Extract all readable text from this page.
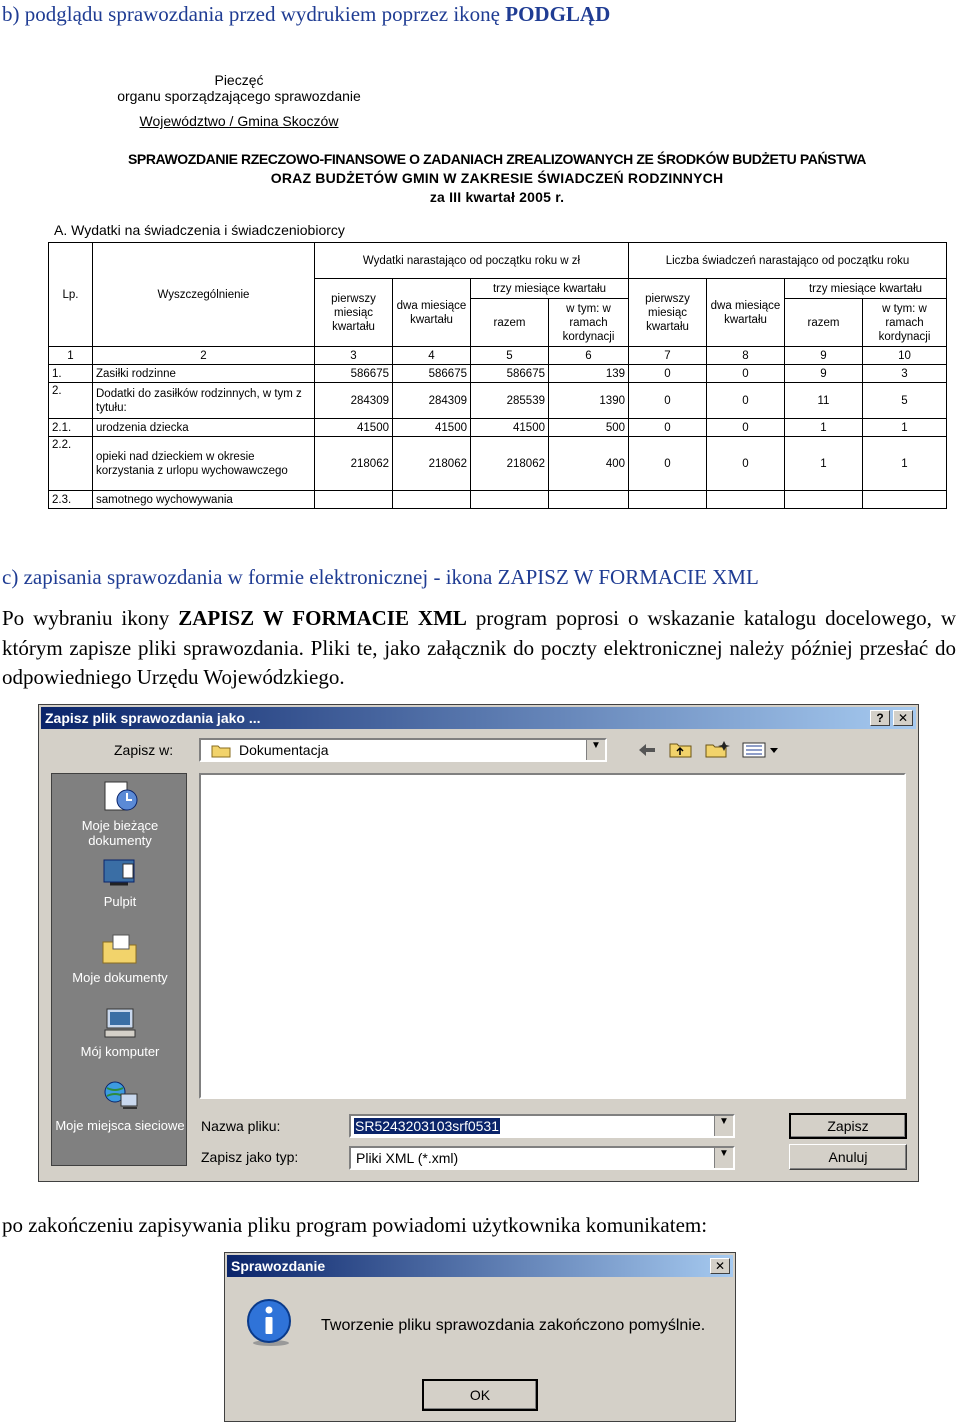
b) podglądu sprawozdania przed wydrukiem poprzez ikonę PODGLĄD
Pieczęć
organu sporządzającego sprawozdanie
Województwo / Gmina Skoczów
SPRAWOZDANIE RZECZOWO-FINANSOWE O ZADANIACH ZREALIZOWANYCH ZE ŚRODKÓW BUDŻETU PAŃSTWA
ORAZ BUDŻETÓW GMIN W ZAKRESIE ŚWIADCZEŃ RODZINNYCH
za III kwartał 2005 r.
A. Wydatki na świadczenia i świadczeniobiorcy
Lp.	Wyszczególnienie	Wydatki narastająco od początku roku w zł				Liczba świadczeń narastająco od początku roku			
		pierwszy miesiąc kwartału	dwa miesiące kwartału	trzy miesiące kwartału		pierwszy miesiąc kwartału	dwa miesiące kwartału	trzy miesiące kwartału	
				razem	w tym: w ramach kordynacji			razem	w tym: w ramach kordynacji
1	2	3	4	5	6	7	8	9	10
1.	Zasiłki rodzinne	586675	586675	586675	139	0	0	9	3
2.	Dodatki do zasiłków rodzinnych, w tym z tytułu:	284309	284309	285539	1390	0	0	11	5
2.1.	urodzenia dziecka	41500	41500	41500	500	0	0	1	1
2.2.	opieki nad dzieckiem w okresie korzystania z urlopu wychowawczego	218062	218062	218062	400	0	0	1	1
2.3.	samotnego wychowywania								
c) zapisania sprawozdania w formie elektronicznej - ikona ZAPISZ W FORMACIE XML
Po wybraniu ikony ZAPISZ W FORMACIE XML program poprosi o wskazanie katalogu docelowego, w którym zapisze pliki sprawozdania. Pliki te, jako załącznik do poczty elektronicznej należy później przesłać do odpowiedniego Urzędu Wojewódzkiego.
Zapisz plik sprawozdania jako ...	?	✕
Zapisz w:	Dokumentacja	▼
Moje bieżące dokumenty
Pulpit
Moje dokumenty
Mój komputer
Moje miejsca sieciowe Nazwa pliku:	SR5243203103srf0531	▼
Zapisz jako typ:	Pliki XML (*.xml)	▼
Zapisz
Anuluj
po zakończeniu zapisywania pliku program powiadomi użytkownika komunikatem:
Sprawozdanie	✕
Tworzenie pliku sprawozdania zakończono pomyślnie.
OK
